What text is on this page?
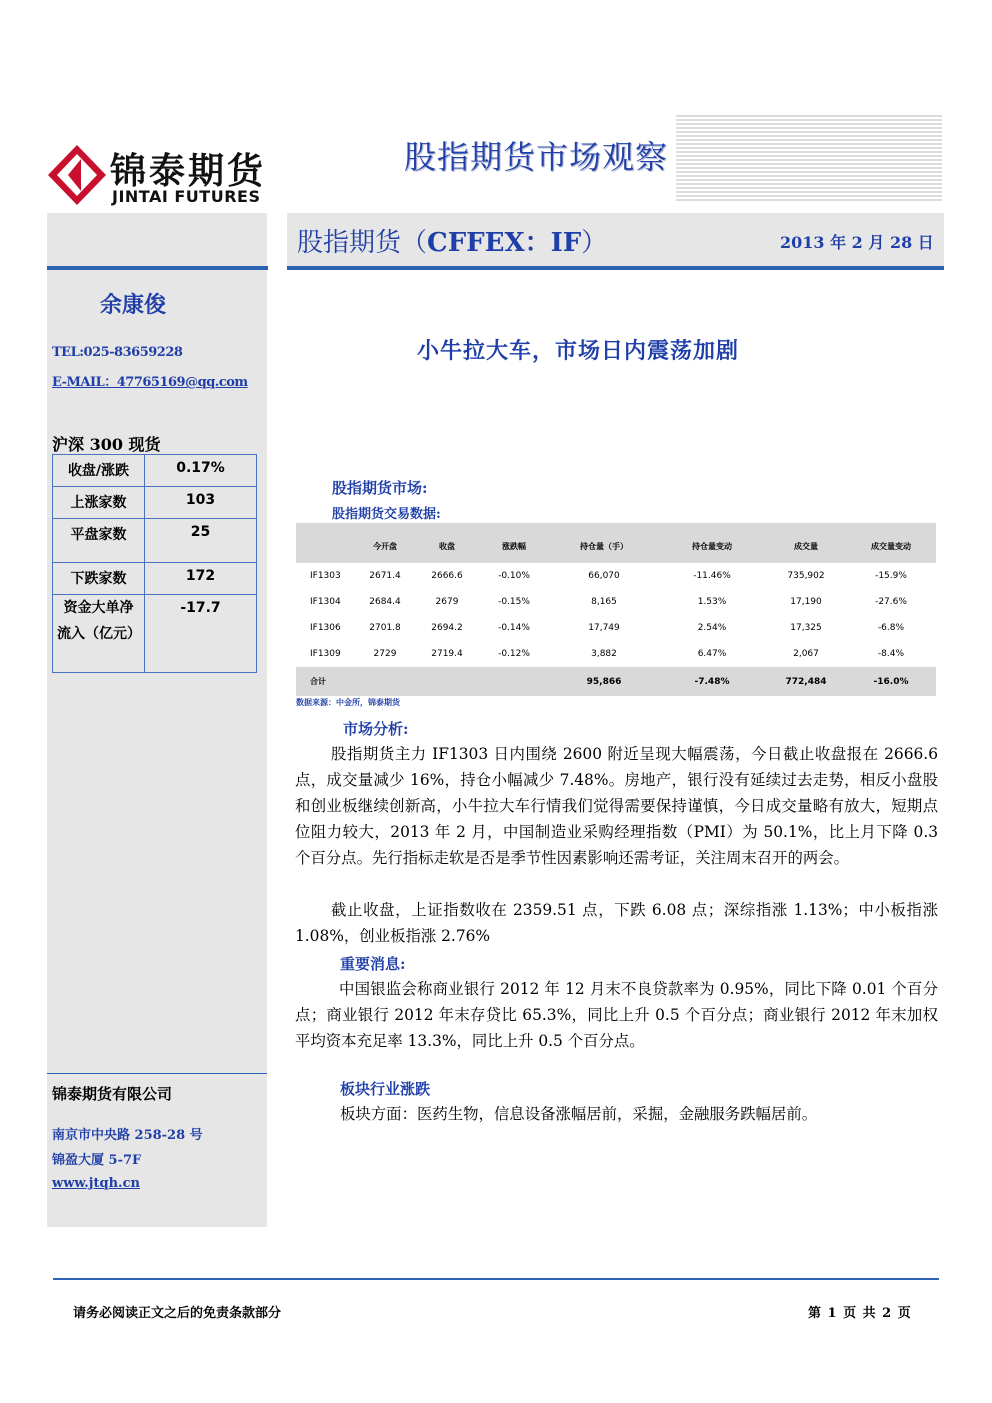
锦泰期货
JINTAI FUTURES
股指期货市场观察
余康俊
TEL:025-83659228
E-MAIL：47765169@qq.com
沪深 300 现货
收盘/涨跌	0.17%
上涨家数	103
平盘家数	25
下跌家数	172
资金大单净流入（亿元）	-17.7
锦泰期货有限公司
南京市中央路 258-28 号
锦盈大厦 5-7F
www.jtqh.cn
股指期货（CFFEX：IF）	2013 年 2 月 28 日
小牛拉大车，市场日内震荡加剧
股指期货市场:
股指期货交易数据:
	今开盘	收盘	涨跌幅	持仓量（手）	持仓量变动	成交量	成交量变动
IF1303	2671.4	2666.6	-0.10%	66,070	-11.46%	735,902	-15.9%
IF1304	2684.4	2679	-0.15%	8,165	1.53%	17,190	-27.6%
IF1306	2701.8	2694.2	-0.14%	17,749	2.54%	17,325	-6.8%
IF1309	2729	2719.4	-0.12%	3,882	6.47%	2,067	-8.4%
合计				95,866	-7.48%	772,484	-16.0%
数据来源：中金所，锦泰期货
市场分析:
股指期货主力 IF1303 日内围绕 2600 附近呈现大幅震荡，今日截止收盘报在 2666.6 点，成交量减少 16%，持仓小幅减少 7.48%。房地产，银行没有延续过去走势，相反小盘股和创业板继续创新高，小牛拉大车行情我们觉得需要保持谨慎，今日成交量略有放大，短期点位阻力较大，2013 年 2 月，中国制造业采购经理指数（PMI）为 50.1%，比上月下降 0.3 个百分点。先行指标走软是否是季节性因素影响还需考证，关注周末召开的两会。
截止收盘，上证指数收在 2359.51 点，下跌 6.08 点；深综指涨 1.13%；中小板指涨 1.08%，创业板指涨 2.76%
重要消息:
中国银监会称商业银行 2012 年 12 月末不良贷款率为 0.95%，同比下降 0.01 个百分点；商业银行 2012 年末存贷比 65.3%，同比上升 0.5 个百分点；商业银行 2012 年末加权平均资本充足率 13.3%，同比上升 0.5 个百分点。
板块行业涨跌
板块方面：医药生物，信息设备涨幅居前，采掘，金融服务跌幅居前。
请务必阅读正文之后的免责条款部分	第 1 页 共 2 页
